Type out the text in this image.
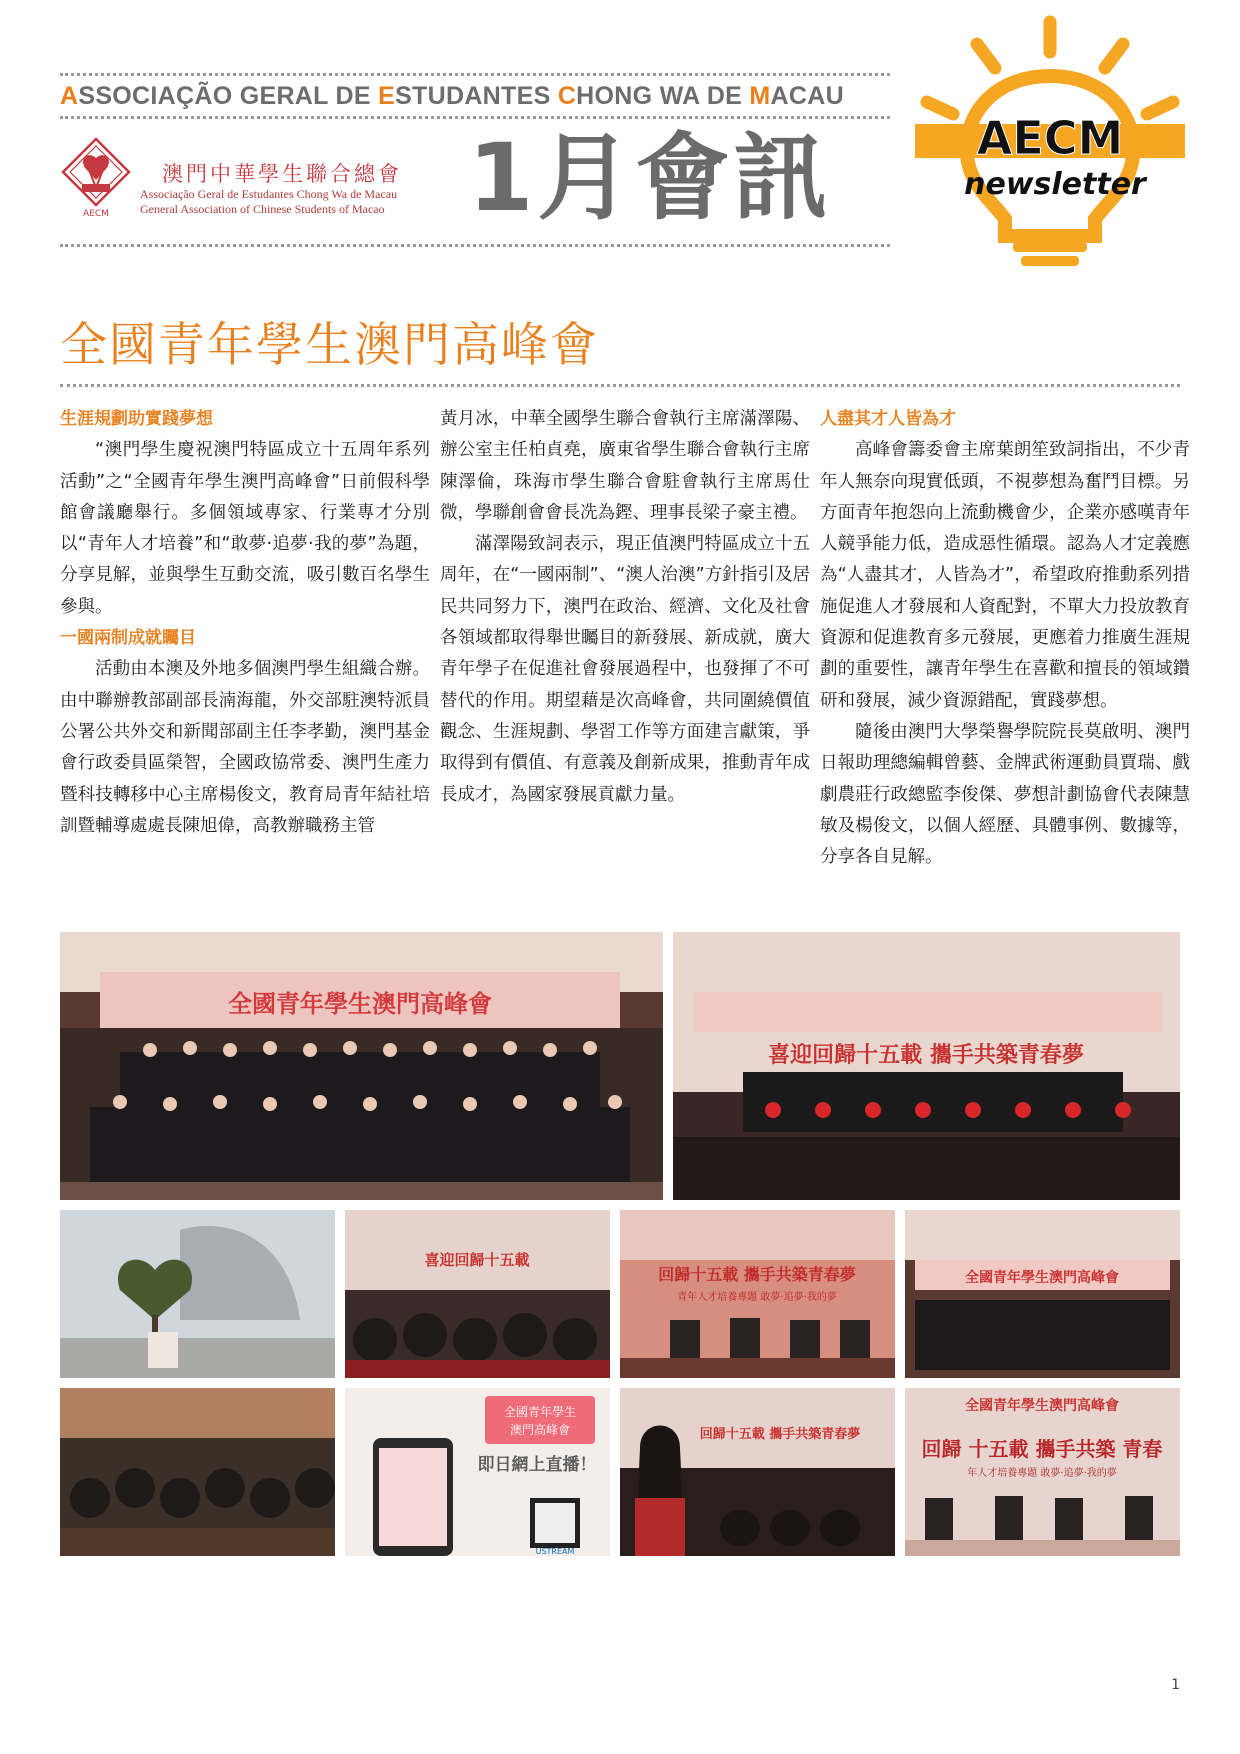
ASSOCIAÇÃO GERAL DE ESTUDANTES CHONG WA DE MACAU
AECM
澳門中華學生聯合總會
Associação Geral de Estudantes Chong Wa de Macau
General Association of Chinese Students of Macao 1月會訊	AECM
newsletter
全國青年學生澳門高峰會
生涯規劃助實踐夢想

“澳門學生慶祝澳門特區成立十五周年系列活動”之“全國青年學生澳門高峰會”日前假科學館會議廳舉行。多個領域專家、行業專才分別以“青年人才培養”和“敢夢·追夢·我的夢”為題，分享見解，並與學生互動交流，吸引數百名學生參與。

一國兩制成就矚目

活動由本澳及外地多個澳門學生組織合辦。由中聯辦教部副部長湳海龍，外交部駐澳特派員公署公共外交和新聞部副主任李孝勤，澳門基金會行政委員區榮智，全國政協常委、澳門生產力暨科技轉移中心主席楊俊文，教育局青年結社培訓暨輔導處處長陳旭偉，高教辦職務主管

黃月冰，中華全國學生聯合會執行主席滿澤陽、辦公室主任柏貞堯，廣東省學生聯合會執行主席陳澤倫，珠海市學生聯合會駐會執行主席馬仕微，學聯創會會長冼為鏗、理事長梁子豪主禮。

滿澤陽致詞表示，現正值澳門特區成立十五周年，在“一國兩制”、“澳人治澳”方針指引及居民共同努力下，澳門在政治、經濟、文化及社會各領域都取得舉世矚目的新發展、新成就，廣大青年學子在促進社會發展過程中，也發揮了不可替代的作用。期望藉是次高峰會，共同圍繞價值觀念、生涯規劃、學習工作等方面建言獻策，爭取得到有價值、有意義及創新成果，推動青年成長成才，為國家發展貢獻力量。

人盡其才人皆為才

高峰會籌委會主席葉朗笙致詞指出，不少青年人無奈向現實低頭，不視夢想為奮鬥目標。另方面青年抱怨向上流動機會少，企業亦感嘆青年人競爭能力低，造成惡性循環。認為人才定義應為“人盡其才，人皆為才”，希望政府推動系列措施促進人才發展和人資配對，不單大力投放教育資源和促進教育多元發展，更應着力推廣生涯規劃的重要性，讓青年學生在喜歡和擅長的領域鑽研和發展，減少資源錯配，實踐夢想。

隨後由澳門大學榮譽學院院長莫啟明、澳門日報助理總編輯曾藝、金牌武術運動員賈瑞、戲劇農莊行政總監李俊傑、夢想計劃協會代表陳慧敏及楊俊文，以個人經歷、具體事例、數據等，分享各自見解。

全國青年學生澳門高峰會
喜迎回歸十五載 攜手共築青春夢
喜迎回歸十五載
回歸十五載 攜手共築青春夢
青年人才培養專題 敢夢·追夢·我的夢
全國青年學生澳門高峰會
全國青年學生
澳門高峰會
即日網上直播！
USTREAM
回歸十五載 攜手共築青春夢
全國青年學生澳門高峰會
回歸 十五載 攜手共築 青春
年人才培養專題 敢夢·追夢·我的夢
1
